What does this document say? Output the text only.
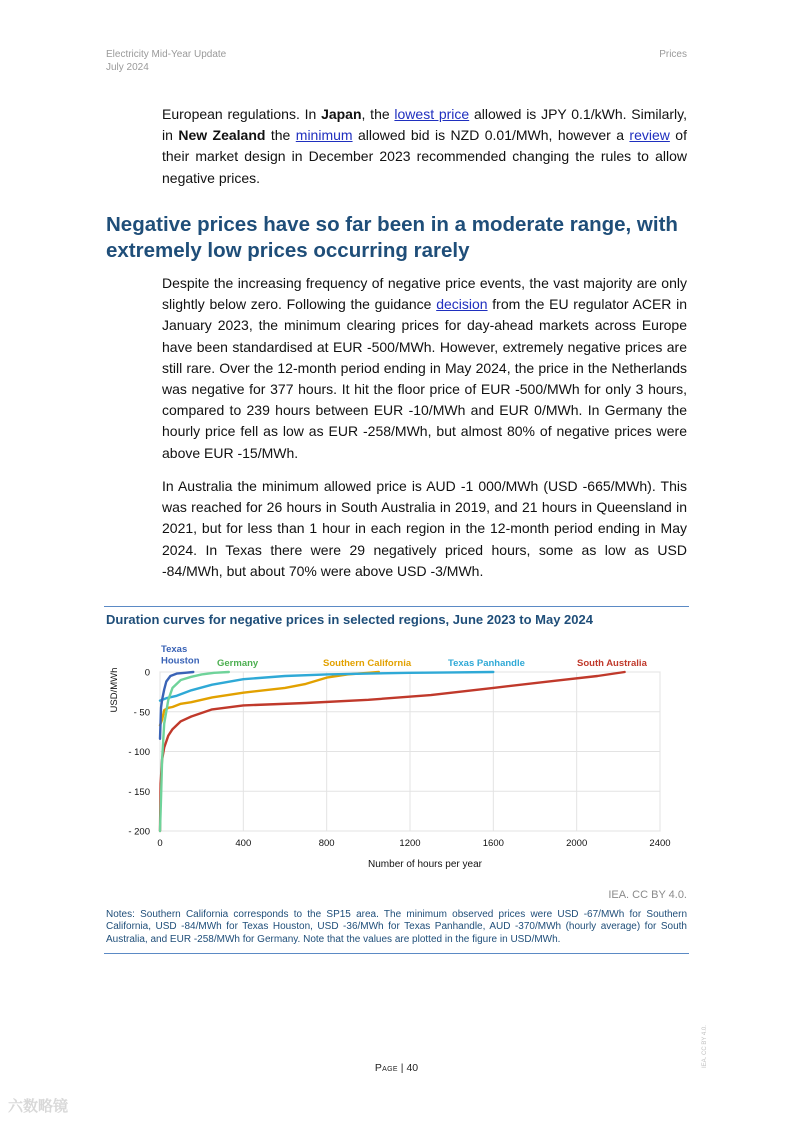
Electricity Mid-Year Update
July 2024
Prices

European regulations. In Japan, the lowest price allowed is JPY 0.1/kWh. Similarly, in New Zealand the minimum allowed bid is NZD 0.01/MWh, however a review of their market design in December 2023 recommended changing the rules to allow negative prices.

Negative prices have so far been in a moderate range, with extremely low prices occurring rarely

Despite the increasing frequency of negative price events, the vast majority are only slightly below zero. Following the guidance decision from the EU regulator ACER in January 2023, the minimum clearing prices for day-ahead markets across Europe have been standardised at EUR -500/MWh. However, extremely negative prices are still rare. Over the 12-month period ending in May 2024, the price in the Netherlands was negative for 377 hours. It hit the floor price of EUR -500/MWh for only 3 hours, compared to 239 hours between EUR -10/MWh and EUR 0/MWh. In Germany the hourly price fell as low as EUR -258/MWh, but almost 80% of negative prices were above EUR -15/MWh.

In Australia the minimum allowed price is AUD -1 000/MWh (USD -665/MWh). This was reached for 26 hours in South Australia in 2019, and 21 hours in Queensland in 2021, but for less than 1 hour in each region in the 12-month period ending in May 2024. In Texas there were 29 negatively priced hours, some as low as USD -84/MWh, but about 70% were above USD -3/MWh.

Duration curves for negative prices in selected regions, June 2023 to May 2024

0	400	800	1200	1600	2000	2400
0
- 50
- 100
- 150
- 200
Texas Houston Germany	Southern California	Texas Panhandle	South Australia
USD/MWh
Number of hours per year
IEA. CC BY 4.0.

Notes: Southern California corresponds to the SP15 area. The minimum observed prices were USD -67/MWh for Southern California, USD -84/MWh for Texas Houston, USD -36/MWh for Texas Panhandle, AUD -370/MWh (hourly average) for South Australia, and EUR -258/MWh for Germany. Note that the values are plotted in the figure in USD/MWh.

Page | 40	IEA. CC BY 4.0.
六数略镜
